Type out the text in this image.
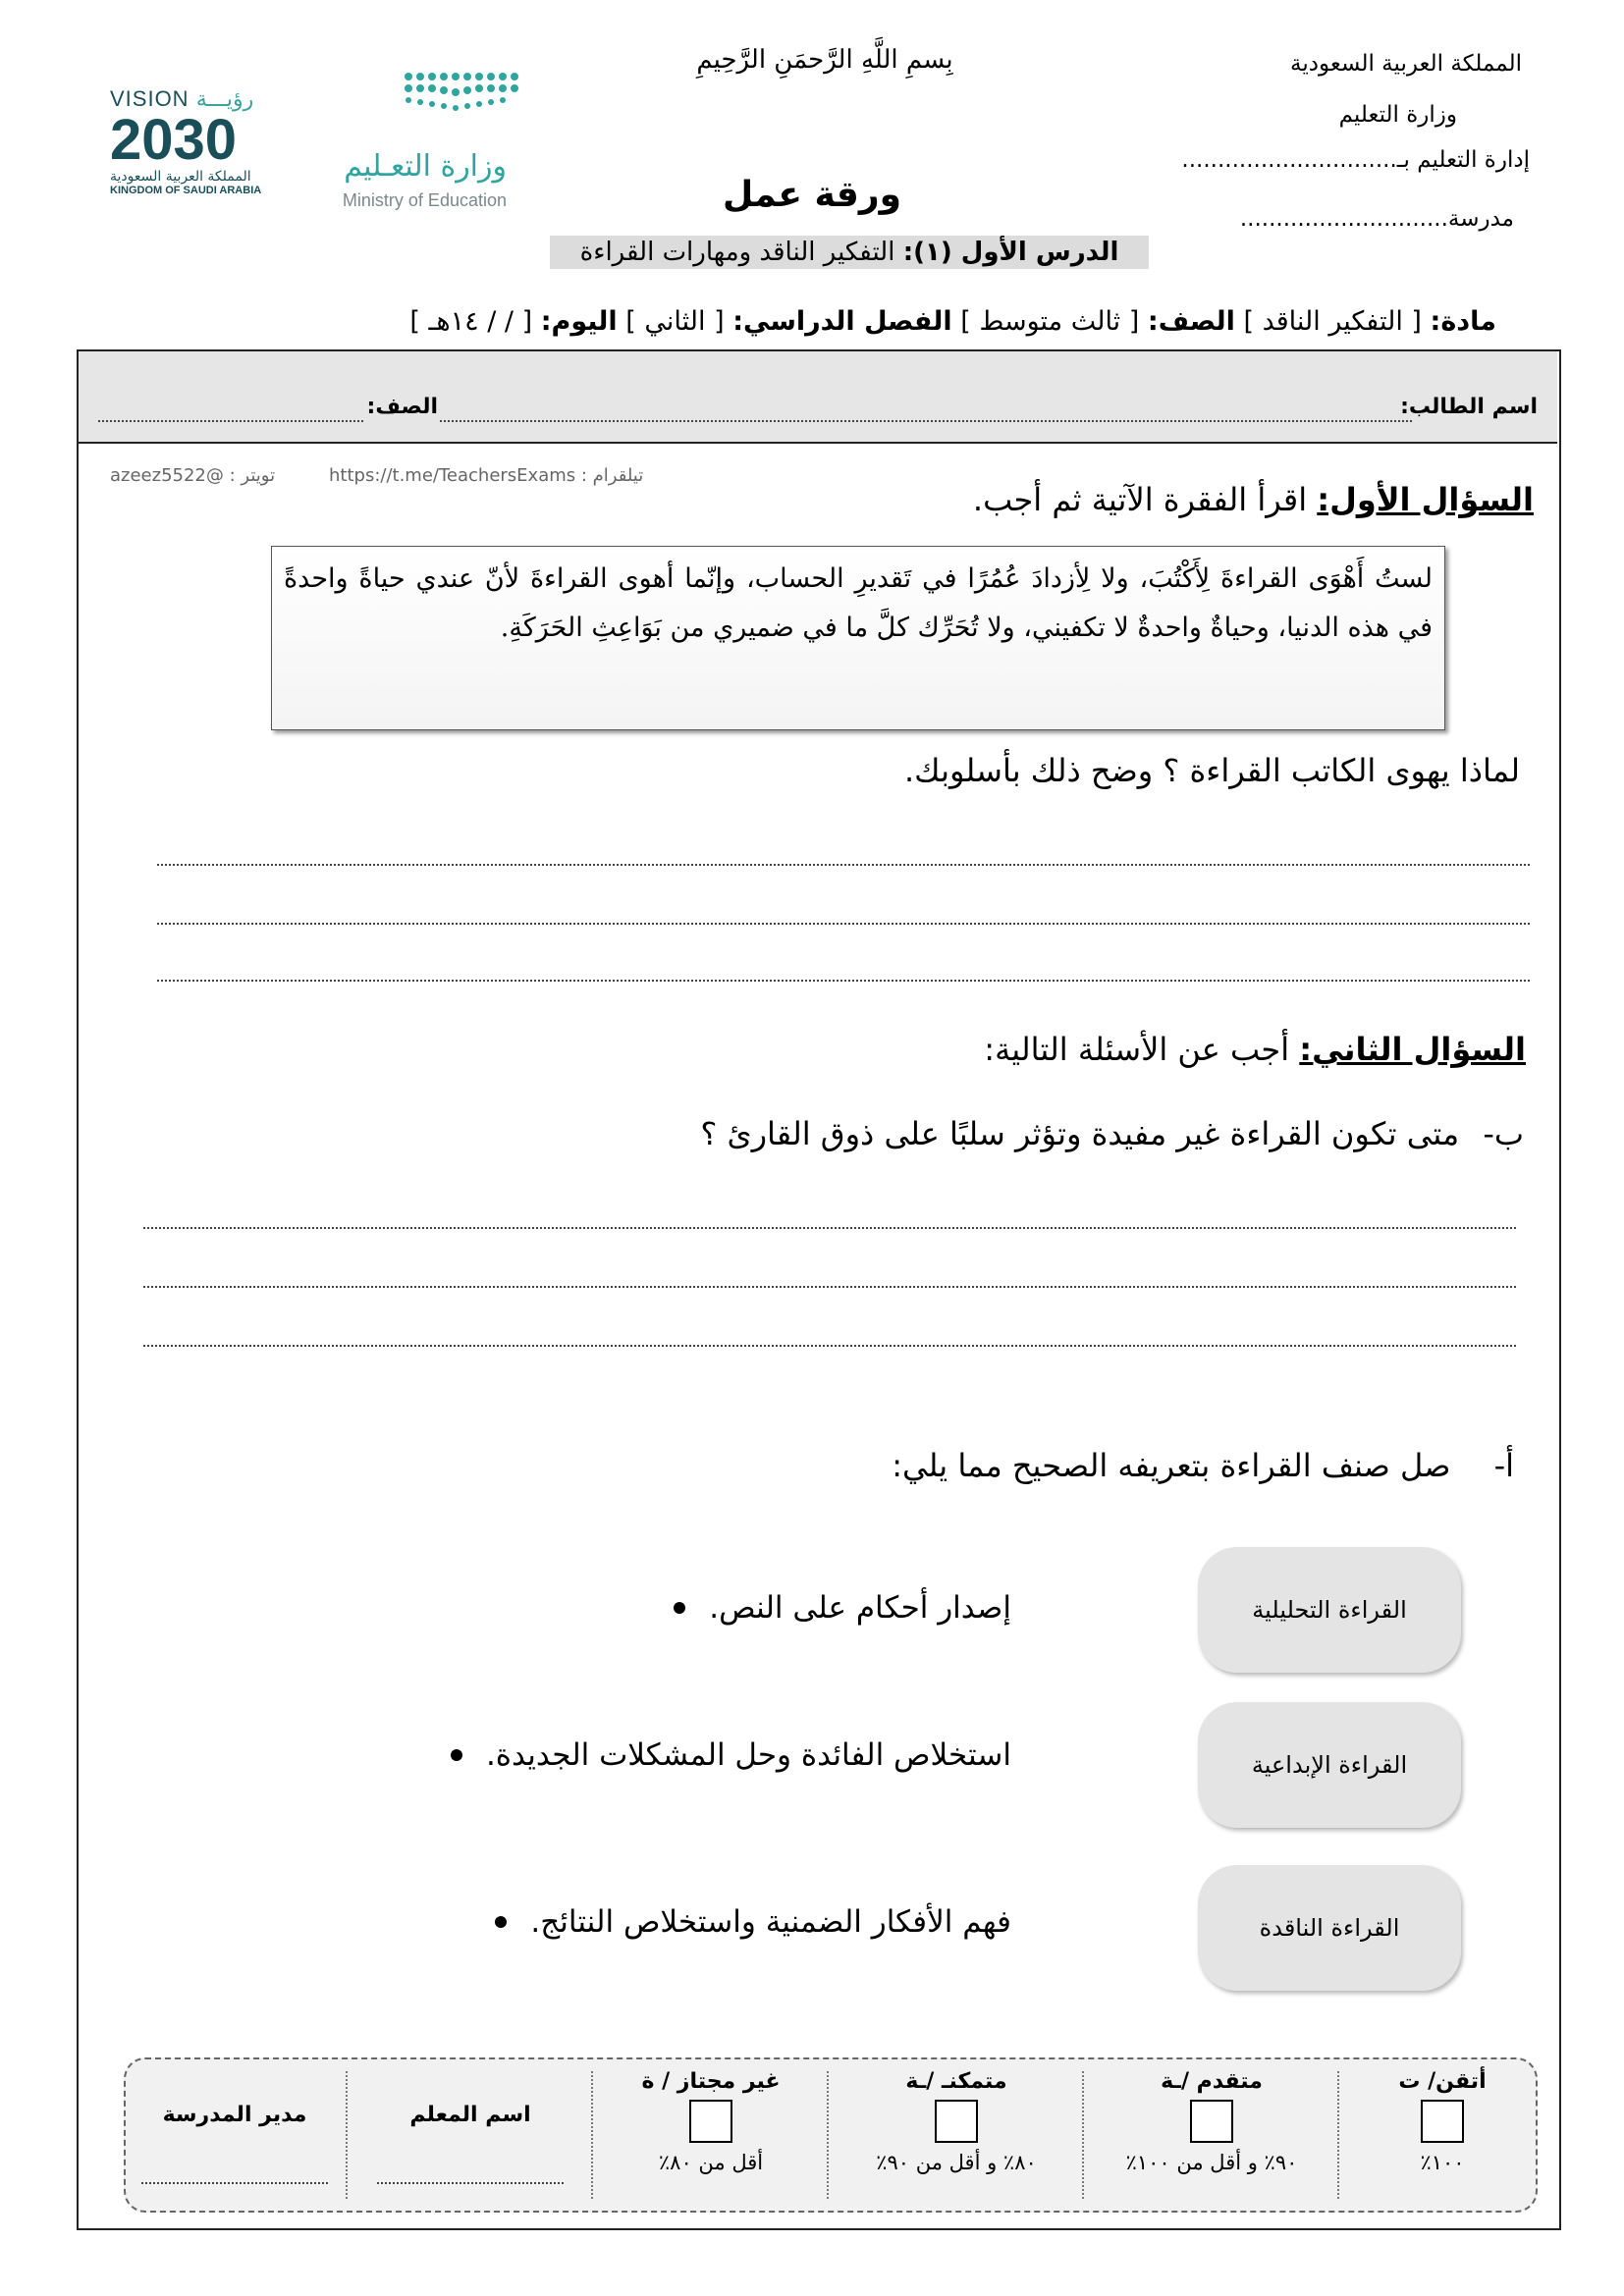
المملكة العربية السعودية
وزارة التعليم
إدارة التعليم بـ..............................
مدرسة.............................
بِسمِ اللَّهِ الرَّحمَنِ الرَّحِيمِ
VISION رؤيـــة
2030
المملكة العربية السعودية
KINGDOM OF SAUDI ARABIA
وزارة التعـليم
Ministry of Education	ورقة عمل
الدرس الأول (١): التفكير الناقد ومهارات القراءة
مادة: [ التفكير الناقد ] الصف: [ ثالث متوسط ] الفصل الدراسي: [ الثاني ] اليوم: [ / / ١٤هـ ]
اسم الطالب:
الصف:
تيلقرام : https://t.me/TeachersExams
تويتر : @azeez5522
السؤال الأول: اقرأ الفقرة الآتية ثم أجب.
لستُ أَهْوَى القراءةَ لِأَكْتُبَ، ولا لِأزدادَ عُمُرًا في تَقديرِ الحساب، وإنّما أهوى القراءةَ لأنّ عندي حياةً واحدةً في هذه الدنيا، وحياةٌ واحدةٌ لا تكفيني، ولا تُحَرِّك كلَّ ما في ضميري من بَوَاعِثِ الحَرَكَةِ.
لماذا يهوى الكاتب القراءة ؟ وضح ذلك بأسلوبك.
السؤال الثاني: أجب عن الأسئلة التالية:
ب- متى تكون القراءة غير مفيدة وتؤثر سلبًا على ذوق القارئ ؟
أ- صل صنف القراءة بتعريفه الصحيح مما يلي:
القراءة التحليلية
القراءة الإبداعية
القراءة الناقدة
إصدار أحكام على النص.
استخلاص الفائدة وحل المشكلات الجديدة.
فهم الأفكار الضمنية واستخلاص النتائج.
أتقن/ ت
١٠٠٪
متقدم /ـة
٩٠٪ و أقل من ١٠٠٪
متمكنـ /ـة
٨٠٪ و أقل من ٩٠٪
غير مجتاز / ة
أقل من ٨٠٪
اسم المعلم
مدير المدرسة
